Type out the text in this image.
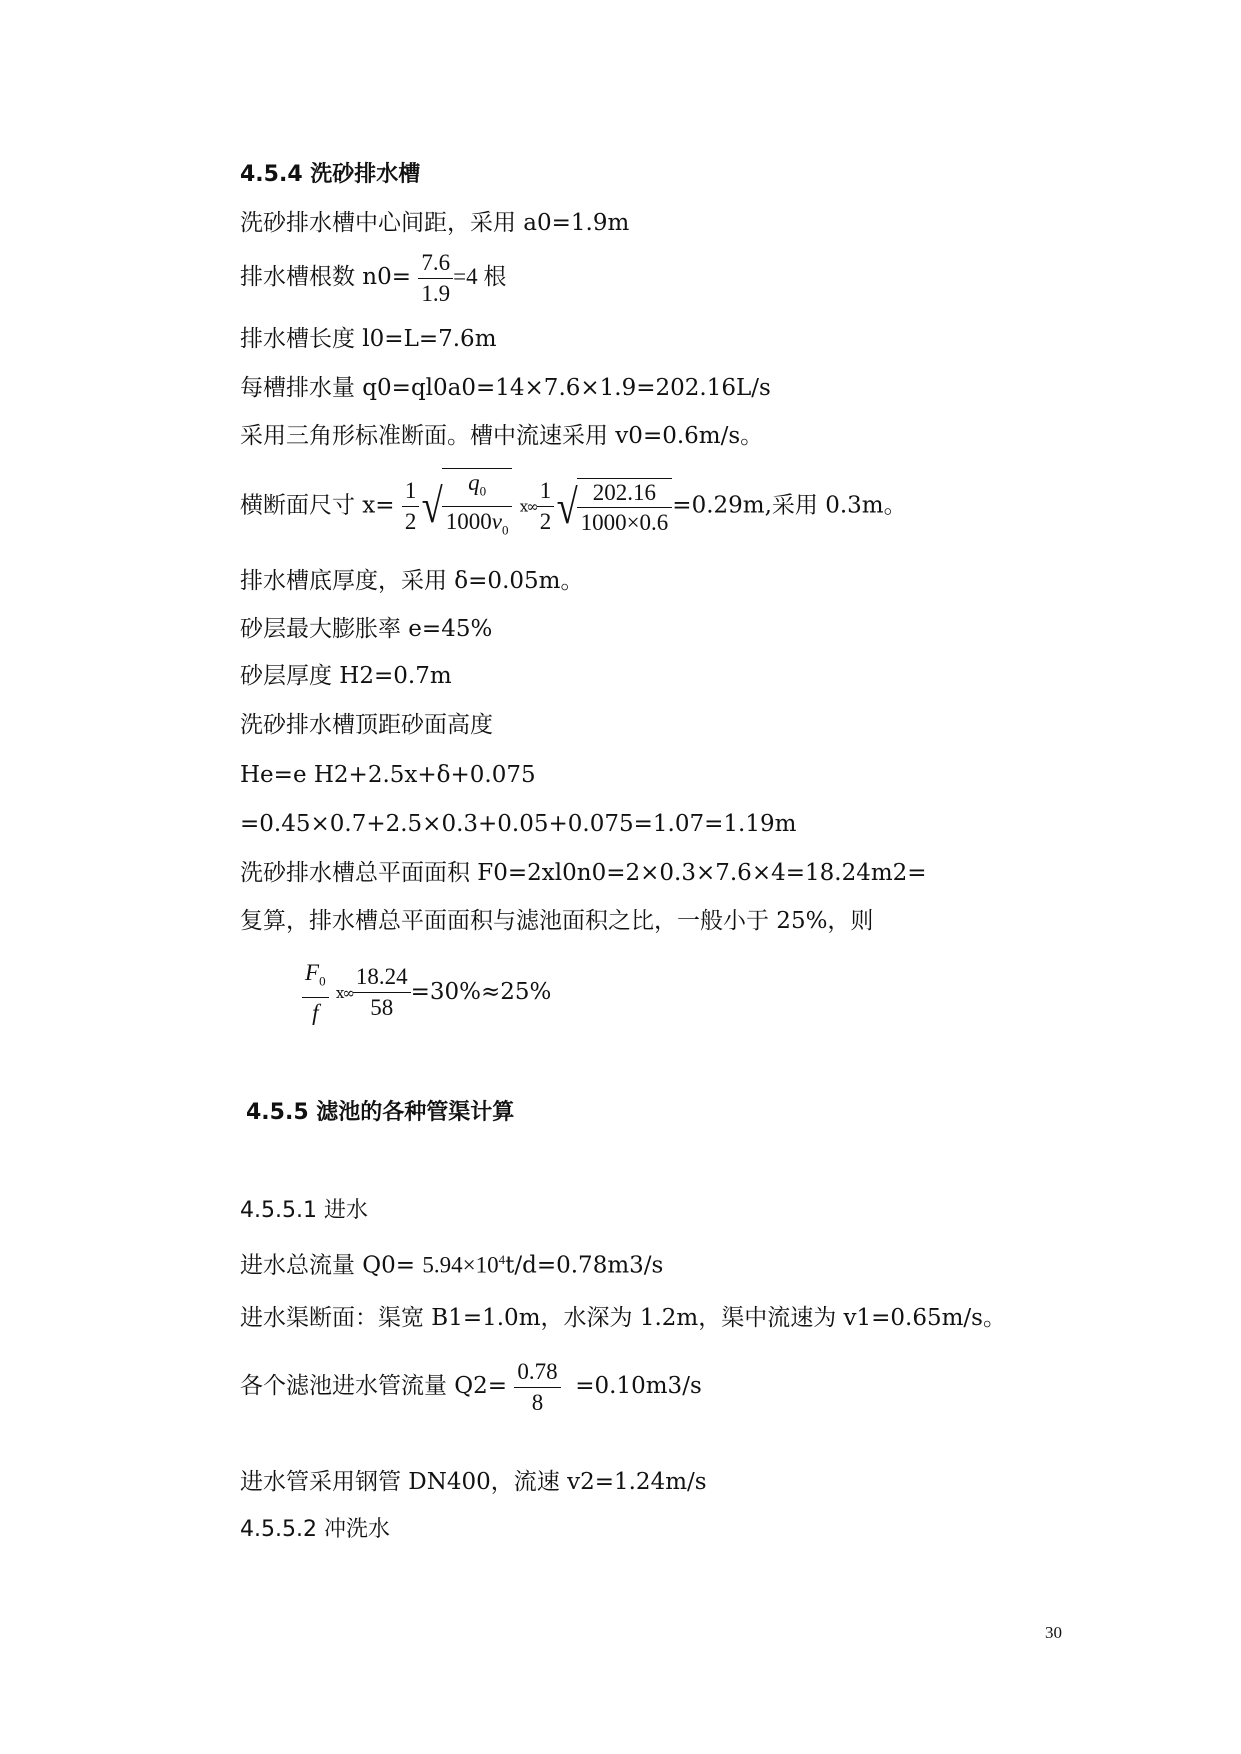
4.5.4 洗砂排水槽
洗砂排水槽中心间距，采用 a0=1.9m
排水槽根数 $n0= \frac{7.6}{1.9} =4$ 根
排水槽长度 l0=L=7.6m
每槽排水量 q0=ql0a0=14×7.6×1.9=202.16L/s
采用三角形标准断面。槽中流速采用 v0=0.6m/s。
横断面尺寸 $x= \frac{1}{2}$ √
$\frac{q_0}{1000v_0} x\infty \frac{1}{2}$ √
$\frac{202.16}{1000\times 0.6} =0.29m$,采用 0.3m。
排水槽底厚度，采用 δ=0.05m。
砂层最大膨胀率 e=45%
砂层厚度 H2=0.7m
洗砂排水槽顶距砂面高度
He=e H2+2.5x+δ+0.075
=0.45×0.7+2.5×0.3+0.05+0.075=1.07=1.19m
洗砂排水槽总平面面积 F0=2xl0n0=2×0.3×7.6×4=18.24m2=
复算，排水槽总平面面积与滤池面积之比，一般小于 25%，则
$\frac{F_0}{f} x\infty \frac{18.24}{58} =30\%\approx 25\%$
4.5.5 滤池的各种管渠计算
4.5.5.1 进水
进水总流量 $Q0= 5.94\times 10^4t/d=0.78m3/s$
进水渠断面：渠宽 B1=1.0m，水深为 1.2m，渠中流速为 v1=0.65m/s。
各个滤池进水管流量 $Q2= \frac{0.78}{8} =0.10m3/s$
进水管采用钢管 DN400，流速 v2=1.24m/s
4.5.5.2 冲洗水
30
